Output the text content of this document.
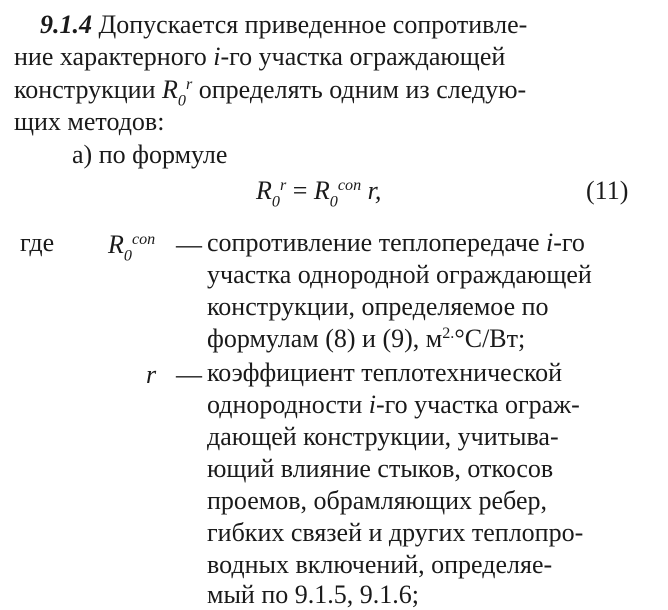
9.1.4 Допускается приведенное сопротивле-
ние характерного i-го участка ограждающей
конструкции $R_0^r$ определять одним из следую-
щих методов:
а) по формуле
$R_0^r = R_0^{con}$ r,	(11)
где $R_0^{con}$ — сопротивление теплопередаче i-го
участка однородной ограждающей
конструкции, определяемое по
формулам (8) и (9), $м^{2.}^\circ С/Вт$;
r — коэффициент теплотехнической
однородности i-го участка ограж-
дающей конструкции, учитыва-
ющий влияние стыков, откосов
проемов, обрамляющих ребер,
гибких связей и других теплопро-
водных включений, определяе-
мый по 9.1.5, 9.1.6;
